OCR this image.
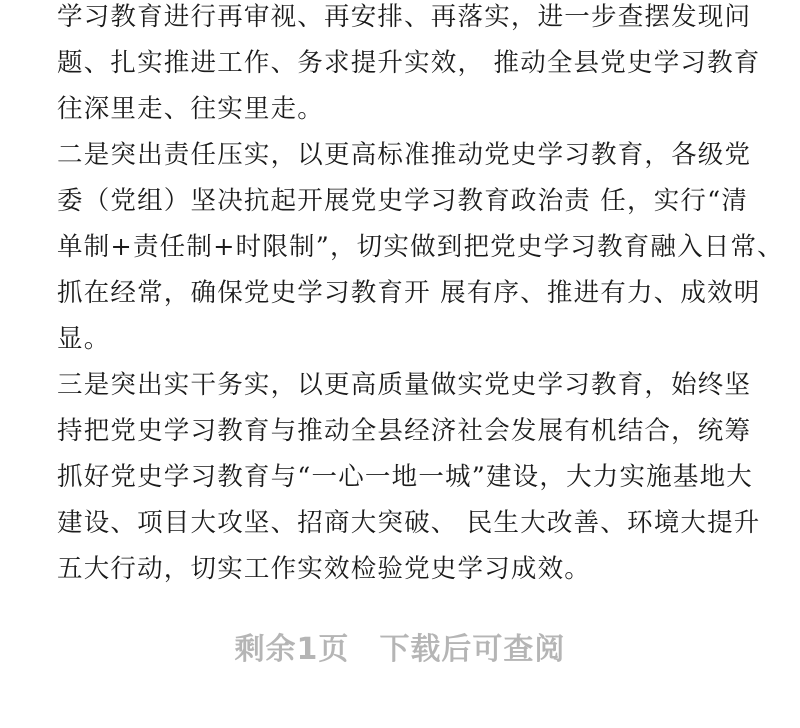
学习教育进行再审视、再安排、再落实，进一步查摆发现问
题、扎实推进工作、务求提升实效， 推动全县党史学习教育
往深里走、往实里走。
二是突出责任压实，以更高标准推动党史学习教育，各级党
委（党组）坚决抗起开展党史学习教育政治责 任，实行“清
单制+责任制+时限制”，切实做到把党史学习教育融入日常、
抓在经常，确保党史学习教育开 展有序、推进有力、成效明
显。
三是突出实干务实，以更高质量做实党史学习教育，始终坚
持把党史学习教育与推动全县经济社会发展有机结合，统筹
抓好党史学习教育与“一心一地一城”建设，大力实施基地大
建设、项目大攻坚、招商大突破、 民生大改善、环境大提升
五大行动，切实工作实效检验党史学习成效。
剩余1页 下载后可查阅
